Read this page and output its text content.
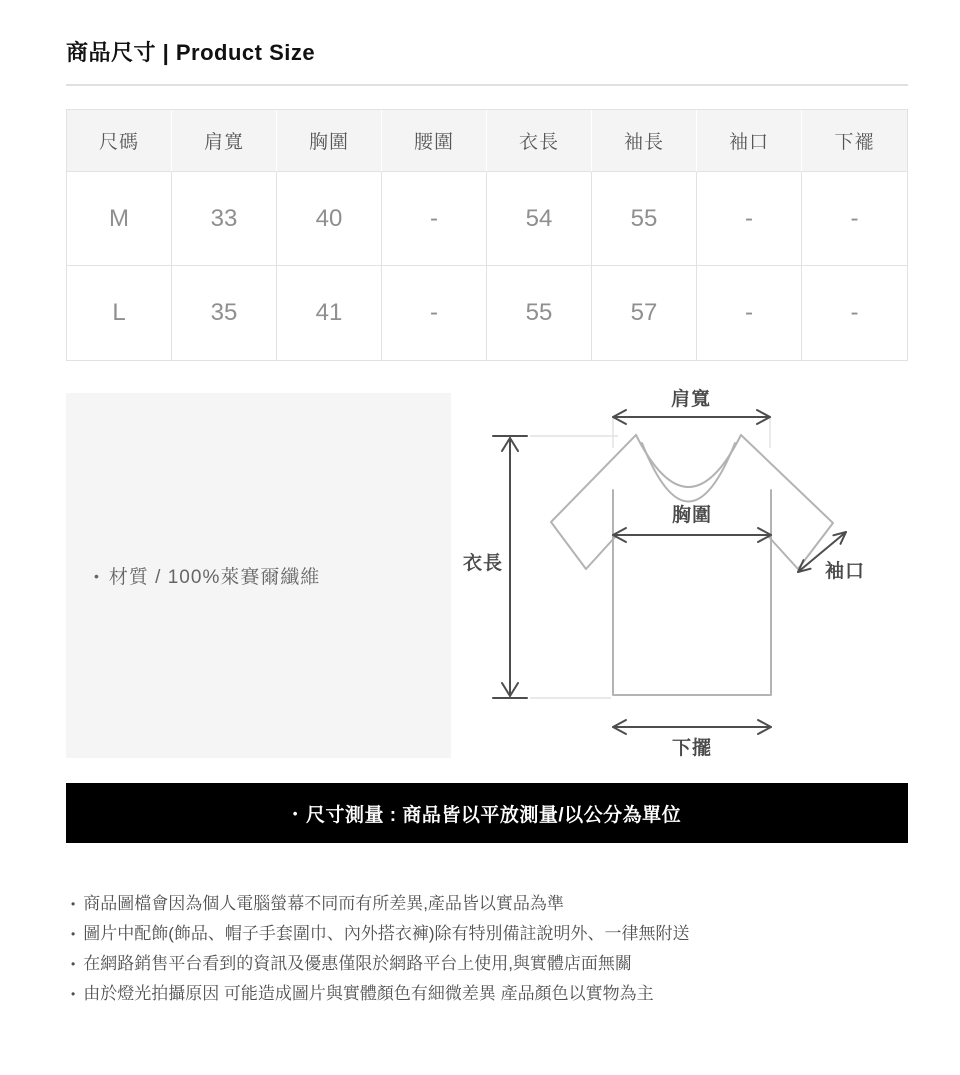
商品尺寸 | Product Size
尺碼	肩寬	胸圍	腰圍	衣長	袖長	袖口	下襬
M	33	40	-	54	55	-	-
L	35	41	-	55	57	-	-
• 材質 / 100%萊賽爾纖維
肩寬
胸圍
衣長	袖口
下擺
• 尺寸測量 : 商品皆以平放測量/以公分為單位
• 商品圖檔會因為個人電腦螢幕不同而有所差異,產品皆以實品為準
• 圖片中配飾(飾品、帽子手套圍巾、內外搭衣褲)除有特別備註說明外、一律無附送
• 在網路銷售平台看到的資訊及優惠僅限於網路平台上使用,與實體店面無關
• 由於燈光拍攝原因 可能造成圖片與實體顏色有細微差異 產品顏色以實物為主
